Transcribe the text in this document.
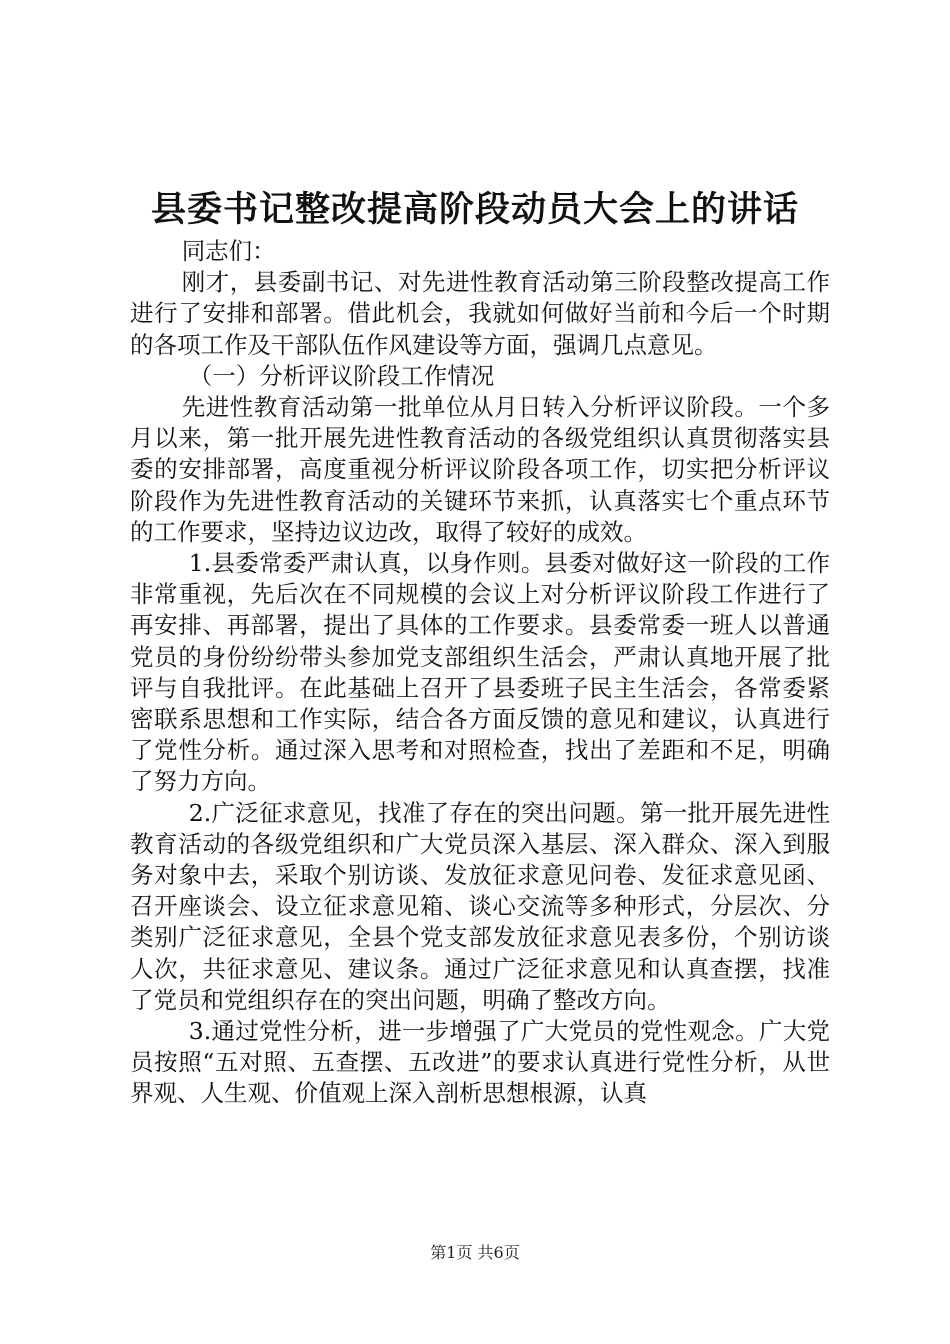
县委书记整改提高阶段动员大会上的讲话

同志们：

刚才，县委副书记、对先进性教育活动第三阶段整改提高工作进行了安排和部署。借此机会，我就如何做好当前和今后一个时期的各项工作及干部队伍作风建设等方面，强调几点意见。

（一）分析评议阶段工作情况

先进性教育活动第一批单位从月日转入分析评议阶段。一个多月以来，第一批开展先进性教育活动的各级党组织认真贯彻落实县委的安排部署，高度重视分析评议阶段各项工作，切实把分析评议阶段作为先进性教育活动的关键环节来抓，认真落实七个重点环节的工作要求，坚持边议边改，取得了较好的成效。

1.县委常委严肃认真，以身作则。县委对做好这一阶段的工作非常重视，先后次在不同规模的会议上对分析评议阶段工作进行了再安排、再部署，提出了具体的工作要求。县委常委一班人以普通党员的身份纷纷带头参加党支部组织生活会，严肃认真地开展了批评与自我批评。在此基础上召开了县委班子民主生活会，各常委紧密联系思想和工作实际，结合各方面反馈的意见和建议，认真进行了党性分析。通过深入思考和对照检查，找出了差距和不足，明确了努力方向。

2.广泛征求意见，找准了存在的突出问题。第一批开展先进性教育活动的各级党组织和广大党员深入基层、深入群众、深入到服务对象中去，采取个别访谈、发放征求意见问卷、发征求意见函、召开座谈会、设立征求意见箱、谈心交流等多种形式，分层次、分类别广泛征求意见，全县个党支部发放征求意见表多份，个别访谈人次，共征求意见、建议条。通过广泛征求意见和认真查摆，找准了党员和党组织存在的突出问题，明确了整改方向。

3.通过党性分析，进一步增强了广大党员的党性观念。广大党员按照“五对照、五查摆、五改进”的要求认真进行党性分析，从世界观、人生观、价值观上深入剖析思想根源，认真

第1页 共6页
